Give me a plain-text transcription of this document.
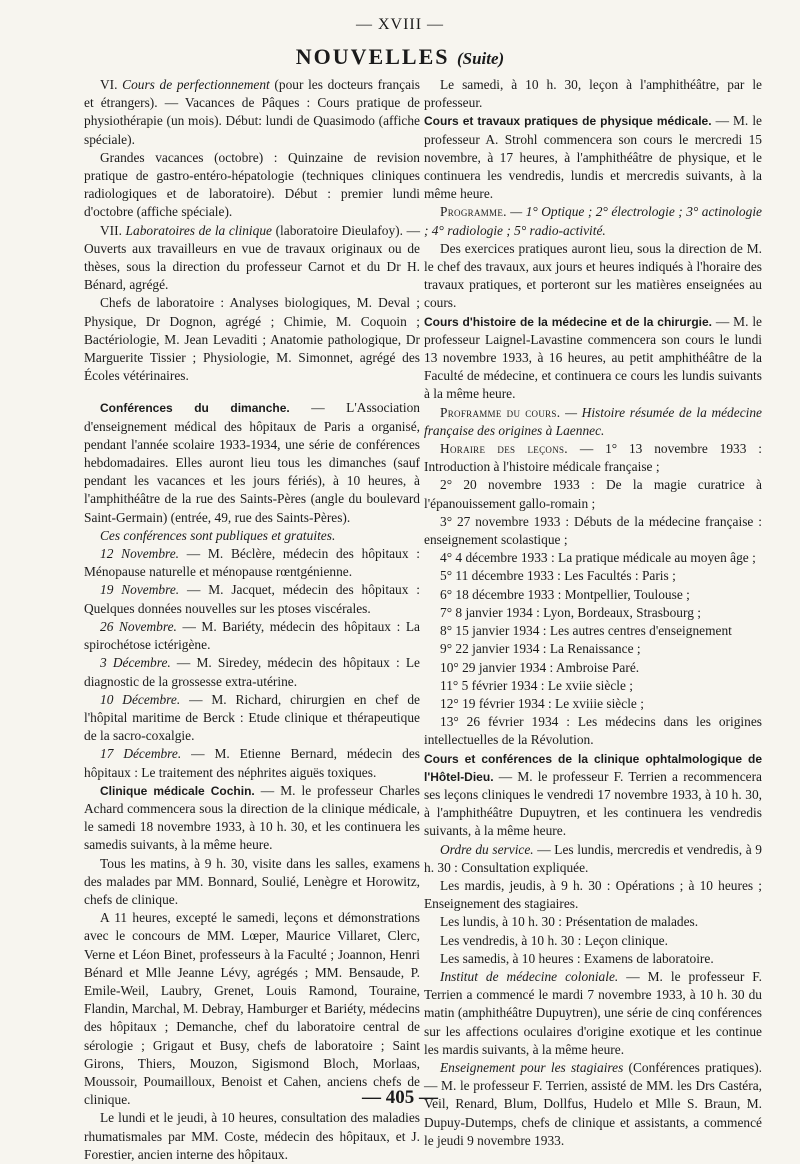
— XVIII —
NOUVELLES (Suite)

VI. Cours de perfectionnement (pour les docteurs français et étrangers). — Vacances de Pâques : Cours pratique de physiothérapie (un mois). Début: lundi de Quasimodo (affiche spéciale).

Grandes vacances (octobre) : Quinzaine de revision pratique de gastro-entéro-hépatologie (techniques cliniques radiologiques et de laboratoire). Début : premier lundi d'octobre (affiche spéciale).

VII. Laboratoires de la clinique (laboratoire Dieulafoy). — Ouverts aux travailleurs en vue de travaux originaux ou de thèses, sous la direction du professeur Carnot et du Dr H. Bénard, agrégé.

Chefs de laboratoire : Analyses biologiques, M. Deval ; Physique, Dr Dognon, agrégé ; Chimie, M. Coquoin ; Bactériologie, M. Jean Levaditi ; Anatomie pathologique, Dr Marguerite Tissier ; Physiologie, M. Simonnet, agrégé des Écoles vétérinaires.

Conférences du dimanche. — L'Association d'enseignement médical des hôpitaux de Paris a organisé, pendant l'année scolaire 1933-1934, une série de conférences hebdomadaires. Elles auront lieu tous les dimanches (sauf pendant les vacances et les jours fériés), à 10 heures, à l'amphithéâtre de la rue des Saints-Pères (angle du boulevard Saint-Germain) (entrée, 49, rue des Saints-Pères).

Ces conférences sont publiques et gratuites.

12 Novembre. — M. Béclère, médecin des hôpitaux : Ménopause naturelle et ménopause rœntgénienne.

19 Novembre. — M. Jacquet, médecin des hôpitaux : Quelques données nouvelles sur les ptoses viscérales.

26 Novembre. — M. Bariéty, médecin des hôpitaux : La spirochétose ictérigène.

3 Décembre. — M. Siredey, médecin des hôpitaux : Le diagnostic de la grossesse extra-utérine.

10 Décembre. — M. Richard, chirurgien en chef de l'hôpital maritime de Berck : Etude clinique et thérapeutique de la sacro-coxalgie.

17 Décembre. — M. Etienne Bernard, médecin des hôpitaux : Le traitement des néphrites aiguës toxiques.

Clinique médicale Cochin. — M. le professeur Charles Achard commencera sous la direction de la clinique médicale, le samedi 18 novembre 1933, à 10 h. 30, et les continuera les samedis suivants, à la même heure.

Tous les matins, à 9 h. 30, visite dans les salles, examens des malades par MM. Bonnard, Soulié, Lenègre et Horowitz, chefs de clinique.

A 11 heures, excepté le samedi, leçons et démonstrations avec le concours de MM. Lœper, Maurice Villaret, Clerc, Verne et Léon Binet, professeurs à la Faculté ; Joannon, Henri Bénard et Mlle Jeanne Lévy, agrégés ; MM. Bensaude, P. Emile-Weil, Laubry, Grenet, Louis Ramond, Touraine, Flandin, Marchal, M. Debray, Hamburger et Bariéty, médecins des hôpitaux ; Demanche, chef du laboratoire central de sérologie ; Grigaut et Busy, chefs de laboratoire ; Saint Girons, Thiers, Mouzon, Sigismond Bloch, Morlaas, Moussoir, Poumailloux, Benoist et Cahen, anciens chefs de clinique.

Le lundi et le jeudi, à 10 heures, consultation des maladies rhumatismales par MM. Coste, médecin des hôpitaux, et J. Forestier, ancien interne des hôpitaux.

Le samedi, à 10 h. 30, leçon à l'amphithéâtre, par le professeur.

Cours et travaux pratiques de physique médicale. — M. le professeur A. Strohl commencera son cours le mercredi 15 novembre, à 17 heures, à l'amphithéâtre de physique, et le continuera les vendredis, lundis et mercredis suivants, à la même heure.

Programme. — 1° Optique ; 2° électrologie ; 3° actinologie ; 4° radiologie ; 5° radio-activité.

Des exercices pratiques auront lieu, sous la direction de M. le chef des travaux, aux jours et heures indiqués à l'horaire des travaux pratiques, et porteront sur les matières enseignées au cours.

Cours d'histoire de la médecine et de la chirurgie. — M. le professeur Laignel-Lavastine commencera son cours le lundi 13 novembre 1933, à 16 heures, au petit amphithéâtre de la Faculté de médecine, et continuera ce cours les lundis suivants à la même heure.

Proframme du cours. — Histoire résumée de la médecine française des origines à Laennec.

Horaire des leçons. — 1° 13 novembre 1933 : Introduction à l'histoire médicale française ;

2° 20 novembre 1933 : De la magie curatrice à l'épanouissement gallo-romain ;

3° 27 novembre 1933 : Débuts de la médecine française : enseignement scolastique ;

4° 4 décembre 1933 : La pratique médicale au moyen âge ;

5° 11 décembre 1933 : Les Facultés : Paris ;

6° 18 décembre 1933 : Montpellier, Toulouse ;

7° 8 janvier 1934 : Lyon, Bordeaux, Strasbourg ;

8° 15 janvier 1934 : Les autres centres d'enseignement

9° 22 janvier 1934 : La Renaissance ;

10° 29 janvier 1934 : Ambroise Paré.

11° 5 février 1934 : Le xviie siècle ;

12° 19 février 1934 : Le xviiie siècle ;

13° 26 février 1934 : Les médecins dans les origines intellectuelles de la Révolution.

Cours et conférences de la clinique ophtalmologique de l'Hôtel-Dieu. — M. le professeur F. Terrien a recommencera ses leçons cliniques le vendredi 17 novembre 1933, à 10 h. 30, à l'amphithéâtre Dupuytren, et les continuera les vendredis suivants, à la même heure.

Ordre du service. — Les lundis, mercredis et vendredis, à 9 h. 30 : Consultation expliquée.

Les mardis, jeudis, à 9 h. 30 : Opérations ; à 10 heures ; Enseignement des stagiaires.

Les lundis, à 10 h. 30 : Présentation de malades.

Les vendredis, à 10 h. 30 : Leçon clinique.

Les samedis, à 10 heures : Examens de laboratoire.

Institut de médecine coloniale. — M. le professeur F. Terrien a commencé le mardi 7 novembre 1933, à 10 h. 30 du matin (amphithéâtre Dupuytren), une série de cinq conférences sur les affections oculaires d'origine exotique et les continue les mardis suivants, à la même heure.

Enseignement pour les stagiaires (Conférences pratiques). — M. le professeur F. Terrien, assisté de MM. les Drs Castéra, Veil, Renard, Blum, Dollfus, Hudelo et Mlle S. Braun, M. Dupuy-Dutemps, chefs de clinique et assistants, a commencé le jeudi 9 novembre 1933.

— 405 —
